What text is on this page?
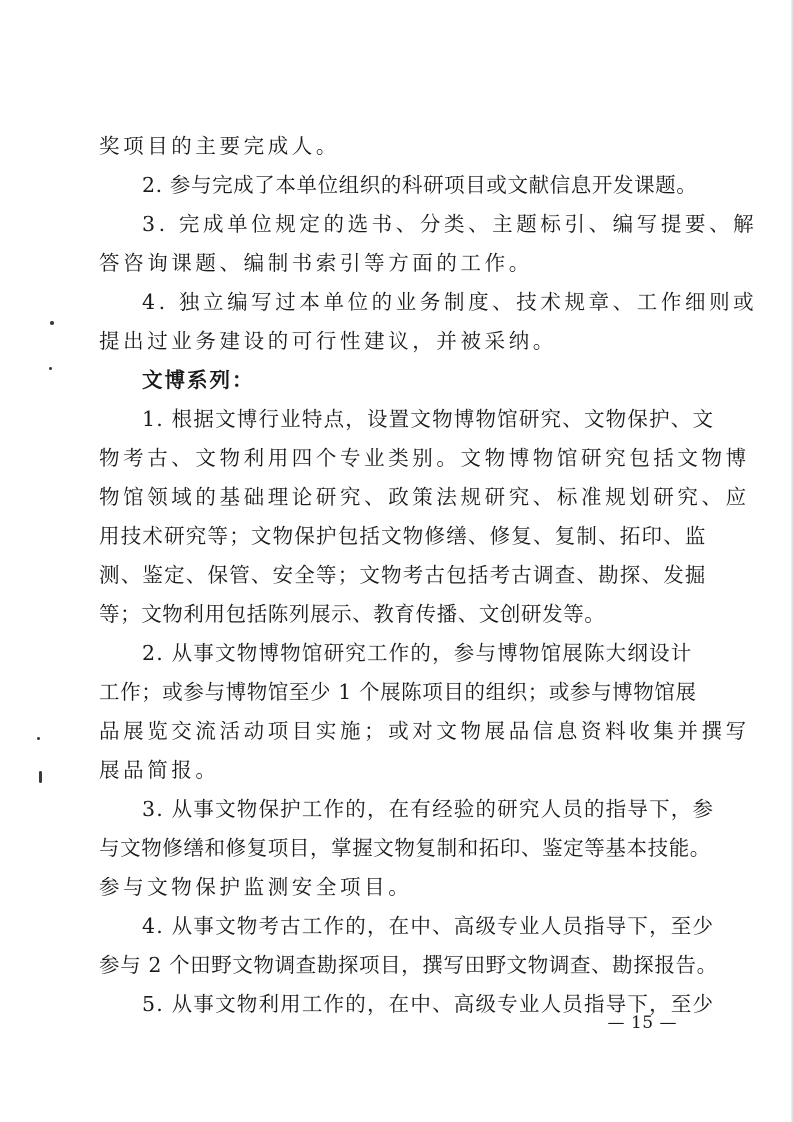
奖项目的主要完成人。
2. 参与完成了本单位组织的科研项目或文献信息开发课题。
3. 完成单位规定的选书、分类、主题标引、编写提要、解
答咨询课题、编制书索引等方面的工作。
4. 独立编写过本单位的业务制度、技术规章、工作细则或
提出过业务建设的可行性建议，并被采纳。
文博系列：
1. 根据文博行业特点，设置文物博物馆研究、文物保护、文
物考古、文物利用四个专业类别。文物博物馆研究包括文物博
物馆领域的基础理论研究、政策法规研究、标准规划研究、应
用技术研究等；文物保护包括文物修缮、修复、复制、拓印、监
测、鉴定、保管、安全等；文物考古包括考古调查、勘探、发掘
等；文物利用包括陈列展示、教育传播、文创研发等。
2. 从事文物博物馆研究工作的，参与博物馆展陈大纲设计
工作；或参与博物馆至少 1 个展陈项目的组织；或参与博物馆展
品展览交流活动项目实施；或对文物展品信息资料收集并撰写
展品简报。
3. 从事文物保护工作的，在有经验的研究人员的指导下，参
与文物修缮和修复项目，掌握文物复制和拓印、鉴定等基本技能。
参与文物保护监测安全项目。
4. 从事文物考古工作的，在中、高级专业人员指导下，至少
参与 2 个田野文物调查勘探项目，撰写田野文物调查、勘探报告。
5. 从事文物利用工作的，在中、高级专业人员指导下，至少
— 15 —
